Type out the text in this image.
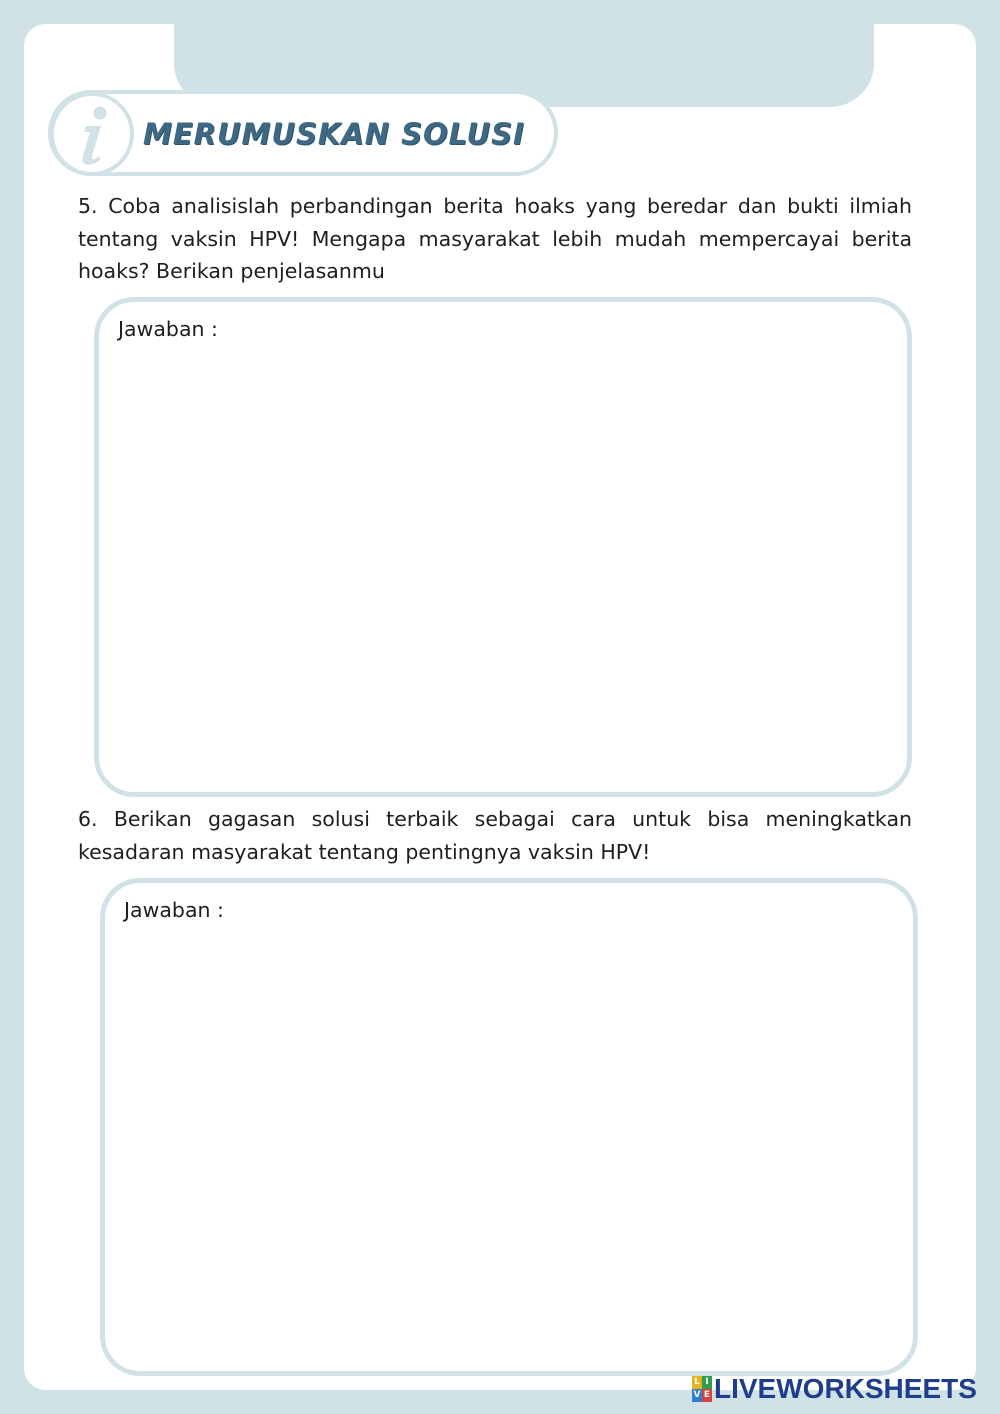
MERUMUSKAN SOLUSI
5. Coba analisislah perbandingan berita hoaks yang beredar dan bukti ilmiah tentang vaksin HPV! Mengapa masyarakat lebih mudah mempercayai berita hoaks? Berikan penjelasanmu
Jawaban :
6. Berikan gagasan solusi terbaik sebagai cara untuk bisa meningkatkan kesadaran masyarakat tentang pentingnya vaksin HPV!
Jawaban :
L I
V E LIVEWORKSHEETS
